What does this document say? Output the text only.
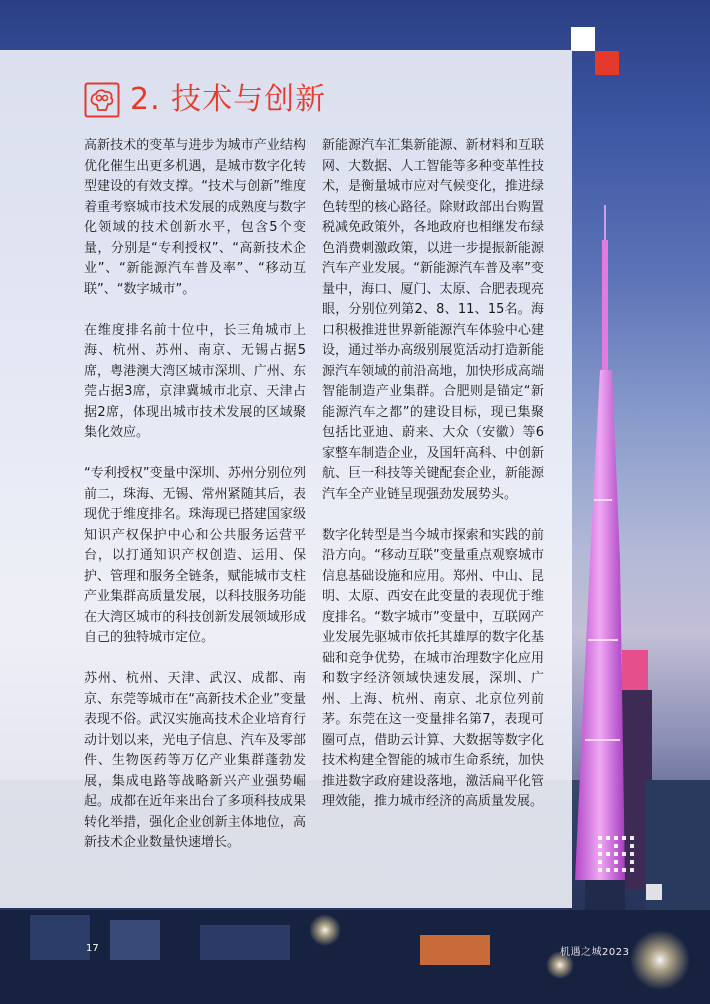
2. 技术与创新

高新技术的变革与进步为城市产业结构优化催生出更多机遇，是城市数字化转型建设的有效支撑。“技术与创新”维度着重考察城市技术发展的成熟度与数字化领域的技术创新水平，包含5个变量，分别是“专利授权”、“高新技术企业”、“新能源汽车普及率”、“移动互联”、“数字城市”。

在维度排名前十位中，长三角城市上海、杭州、苏州、南京、无锡占据5席，粤港澳大湾区城市深圳、广州、东莞占据3席，京津冀城市北京、天津占据2席，体现出城市技术发展的区域聚集化效应。

“专利授权”变量中深圳、苏州分别位列前二，珠海、无锡、常州紧随其后，表现优于维度排名。珠海现已搭建国家级知识产权保护中心和公共服务运营平台，以打通知识产权创造、运用、保护、管理和服务全链条，赋能城市支柱产业集群高质量发展，以科技服务功能在大湾区城市的科技创新发展领域形成自己的独特城市定位。

苏州、杭州、天津、武汉、成都、南京、东莞等城市在“高新技术企业”变量表现不俗。武汉实施高技术企业培育行动计划以来，光电子信息、汽车及零部件、生物医药等万亿产业集群蓬勃发展，集成电路等战略新兴产业强势崛起。成都在近年来出台了多项科技成果转化举措，强化企业创新主体地位，高新技术企业数量快速增长。

新能源汽车汇集新能源、新材料和互联网、大数据、人工智能等多种变革性技术，是衡量城市应对气候变化，推进绿色转型的核心路径。除财政部出台购置税减免政策外，各地政府也相继发布绿色消费刺激政策，以进一步提振新能源汽车产业发展。“新能源汽车普及率”变量中，海口、厦门、太原、合肥表现亮眼，分别位列第2、8、11、15名。海口积极推进世界新能源汽车体验中心建设，通过举办高级别展览活动打造新能源汽车领域的前沿高地，加快形成高端智能制造产业集群。合肥则是锚定“新能源汽车之都”的建设目标，现已集聚包括比亚迪、蔚来、大众（安徽）等6家整车制造企业，及国轩高科、中创新航、巨一科技等关键配套企业，新能源汽车全产业链呈现强劲发展势头。

数字化转型是当今城市探索和实践的前沿方向。“移动互联”变量重点观察城市信息基础设施和应用。郑州、中山、昆明、太原、西安在此变量的表现优于维度排名。“数字城市”变量中，互联网产业发展先驱城市依托其雄厚的数字化基础和竞争优势，在城市治理数字化应用和数字经济领域快速发展，深圳、广州、上海、杭州、南京、北京位列前茅。东莞在这一变量排名第7，表现可圈可点，借助云计算、大数据等数字化技术构建全智能的城市生命系统，加快推进数字政府建设落地，激活扁平化管理效能，推力城市经济的高质量发展。

17	机遇之城2023
